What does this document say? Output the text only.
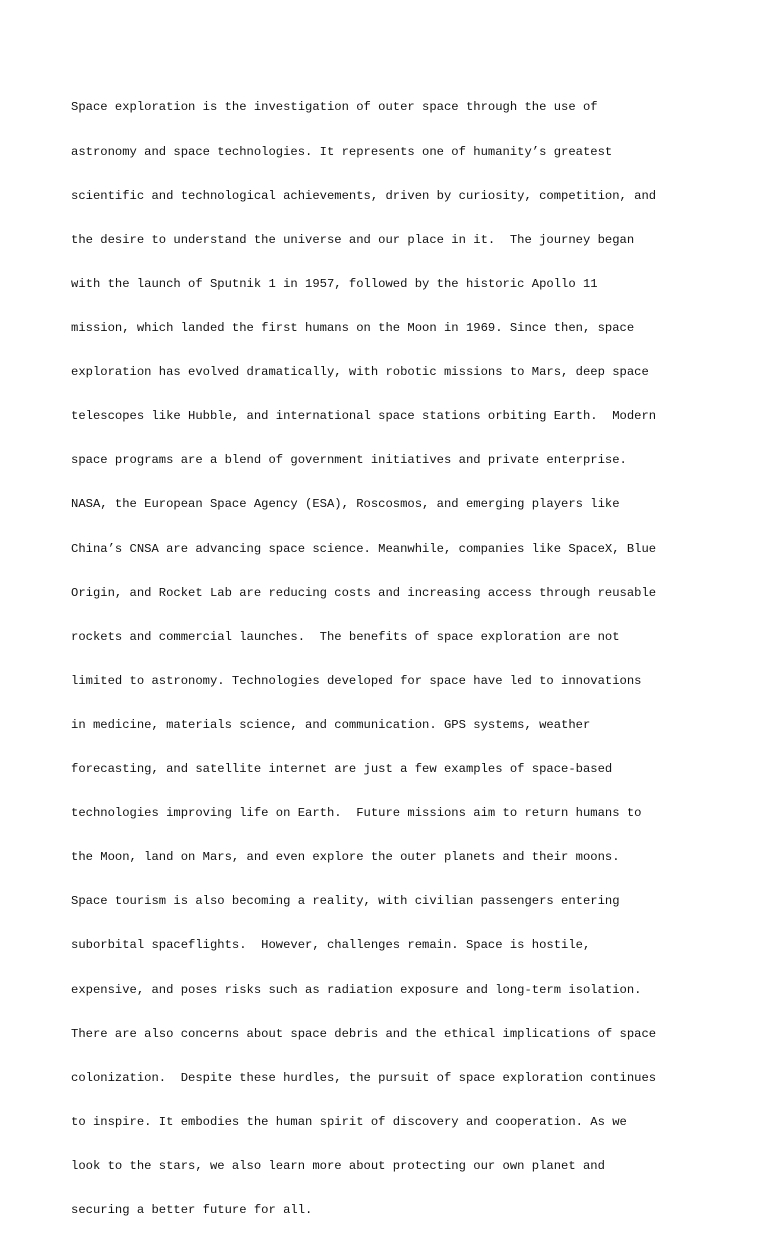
Space exploration is the investigation of outer space through the use of

astronomy and space technologies. It represents one of humanity’s greatest

scientific and technological achievements, driven by curiosity, competition, and

the desire to understand the universe and our place in it.  The journey began

with the launch of Sputnik 1 in 1957, followed by the historic Apollo 11

mission, which landed the first humans on the Moon in 1969. Since then, space

exploration has evolved dramatically, with robotic missions to Mars, deep space

telescopes like Hubble, and international space stations orbiting Earth.  Modern

space programs are a blend of government initiatives and private enterprise.

NASA, the European Space Agency (ESA), Roscosmos, and emerging players like

China’s CNSA are advancing space science. Meanwhile, companies like SpaceX, Blue

Origin, and Rocket Lab are reducing costs and increasing access through reusable

rockets and commercial launches.  The benefits of space exploration are not

limited to astronomy. Technologies developed for space have led to innovations

in medicine, materials science, and communication. GPS systems, weather

forecasting, and satellite internet are just a few examples of space-based

technologies improving life on Earth.  Future missions aim to return humans to

the Moon, land on Mars, and even explore the outer planets and their moons.

Space tourism is also becoming a reality, with civilian passengers entering

suborbital spaceflights.  However, challenges remain. Space is hostile,

expensive, and poses risks such as radiation exposure and long-term isolation.

There are also concerns about space debris and the ethical implications of space

colonization.  Despite these hurdles, the pursuit of space exploration continues

to inspire. It embodies the human spirit of discovery and cooperation. As we

look to the stars, we also learn more about protecting our own planet and

securing a better future for all.
